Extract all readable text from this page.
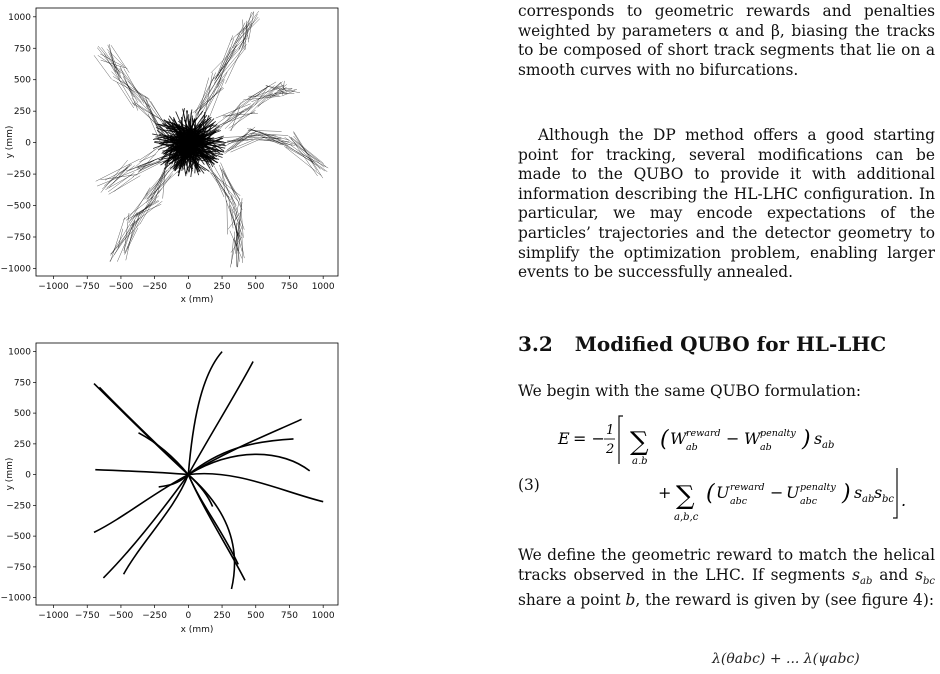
−1000 −750 −500 −250 0 250 500 750 1000
1000
750
500
250
0
−250
−500
−750
−1000
x (mm)
y (mm)
−1000 −750 −500 −250 0 250 500 750 1000
1000
750
500
250
0
−250
−500
−750
−1000
x (mm)
y (mm)

corresponds to geometric rewards and penalties weighted by parameters α and β, biasing the tracks to be composed of short track segments that lie on a smooth curves with no bifurcations.

Although the DP method offers a good starting point for tracking, several modifications can be made to the QUBO to provide it with additional information describing the HL-LHC configuration. In particular, we may encode expectations of the particles’ trajectories and the detector geometry to simplify the optimization problem, enabling larger events to be successfully annealed.

3.2 Modified QUBO for HL-LHC

We begin with the same QUBO formulation:

E = − 1
2 ∑
a,b
( W reward
ab − W penalty
ab ) s ab
+ ∑
a,b,c
( U reward
abc − U penalty
abc ) s ab s bc .
(3)

We define the geometric reward to match the helical tracks observed in the LHC. If segments $s_{ab}$ and $s_{bc}$ share a point b, the reward is given by (see figure 4):

λ(θabc) + ... λ(ψabc)
